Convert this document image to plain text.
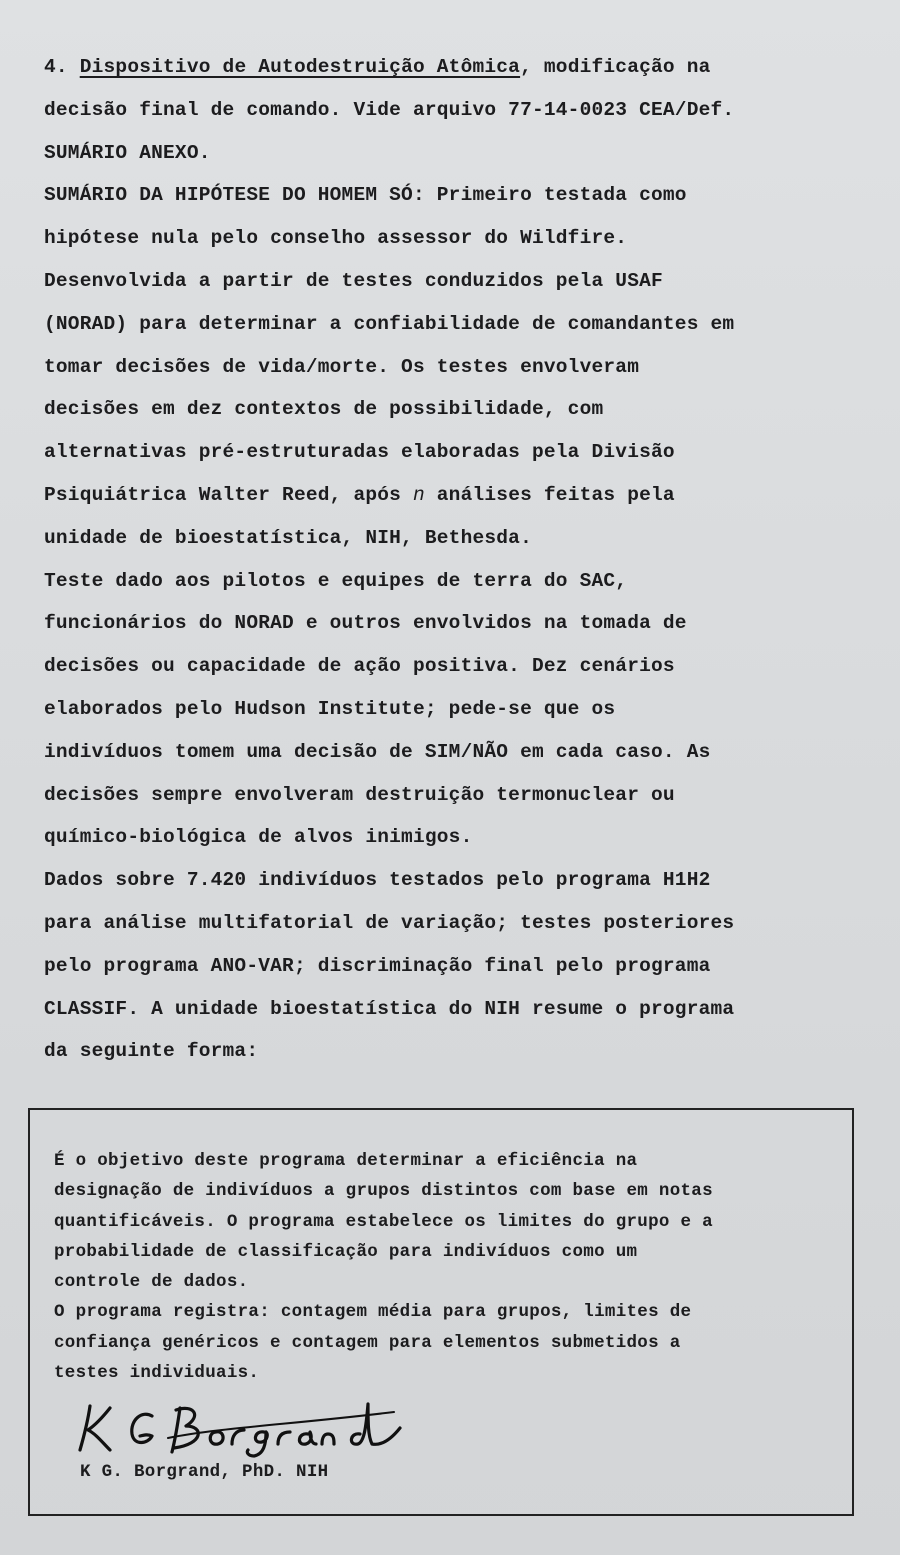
4. Dispositivo de Autodestruição Atômica, modificação na
decisão final de comando. Vide arquivo 77-14-0023 CEA/Def.
SUMÁRIO ANEXO.
SUMÁRIO DA HIPÓTESE DO HOMEM SÓ: Primeiro testada como
hipótese nula pelo conselho assessor do Wildfire.
Desenvolvida a partir de testes conduzidos pela USAF
(NORAD) para determinar a confiabilidade de comandantes em
tomar decisões de vida/morte. Os testes envolveram
decisões em dez contextos de possibilidade, com
alternativas pré-estruturadas elaboradas pela Divisão
Psiquiátrica Walter Reed, após n análises feitas pela
unidade de bioestatística, NIH, Bethesda.
Teste dado aos pilotos e equipes de terra do SAC,
funcionários do NORAD e outros envolvidos na tomada de
decisões ou capacidade de ação positiva. Dez cenários
elaborados pelo Hudson Institute; pede-se que os
indivíduos tomem uma decisão de SIM/NÃO em cada caso. As
decisões sempre envolveram destruição termonuclear ou
químico-biológica de alvos inimigos.
Dados sobre 7.420 indivíduos testados pelo programa H1H2
para análise multifatorial de variação; testes posteriores
pelo programa ANO-VAR; discriminação final pelo programa
CLASSIF. A unidade bioestatística do NIH resume o programa
da seguinte forma:
É o objetivo deste programa determinar a eficiência na
designação de indivíduos a grupos distintos com base em notas
quantificáveis. O programa estabelece os limites do grupo e a
probabilidade de classificação para indivíduos como um
controle de dados.
O programa registra: contagem média para grupos, limites de
confiança genéricos e contagem para elementos submetidos a
testes individuais.
K G. Borgrand, PhD. NIH
